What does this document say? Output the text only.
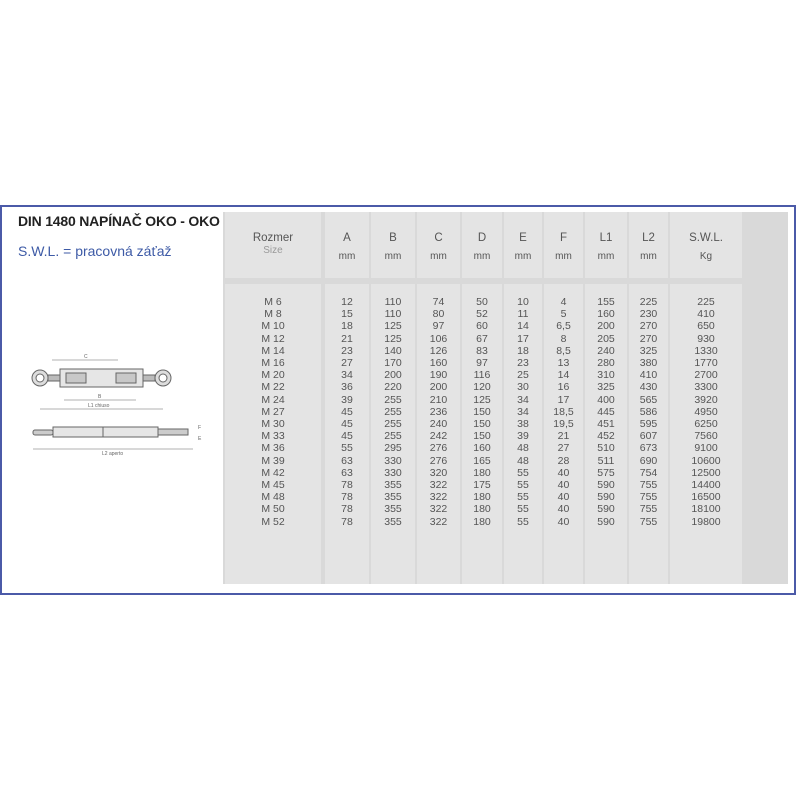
DIN 1480 NAPÍNAČ OKO - OKO
S.W.L. = pracovná záťaž
C
B
L1 chiuso
L2 aperto
F
E
Rozmer
Size
A
mm
B
mm
C
mm
D
mm
E
mm
F
mm
L1
mm
L2
mm
S.W.L.
Kg
M 6
M 8
M 10
M 12
M 14
M 16
M 20
M 22
M 24
M 27
M 30
M 33
M 36
M 39
M 42
M 45
M 48
M 50
M 52
12
15
18
21
23
27
34
36
39
45
45
45
55
63
63
78
78
78
78
110
110
125
125
140
170
200
220
255
255
255
255
295
330
330
355
355
355
355
74
80
97
106
126
160
190
200
210
236
240
242
276
276
320
322
322
322
322
50
52
60
67
83
97
116
120
125
150
150
150
160
165
180
175
180
180
180
10
11
14
17
18
23
25
30
34
34
38
39
48
48
55
55
55
55
55
4
5
6,5
8
8,5
13
14
16
17
18,5
19,5
21
27
28
40
40
40
40
40
155
160
200
205
240
280
310
325
400
445
451
452
510
511
575
590
590
590
590
225
230
270
270
325
380
410
430
565
586
595
607
673
690
754
755
755
755
755
225
410
650
930
1330
1770
2700
3300
3920
4950
6250
7560
9100
10600
12500
14400
16500
18100
19800
